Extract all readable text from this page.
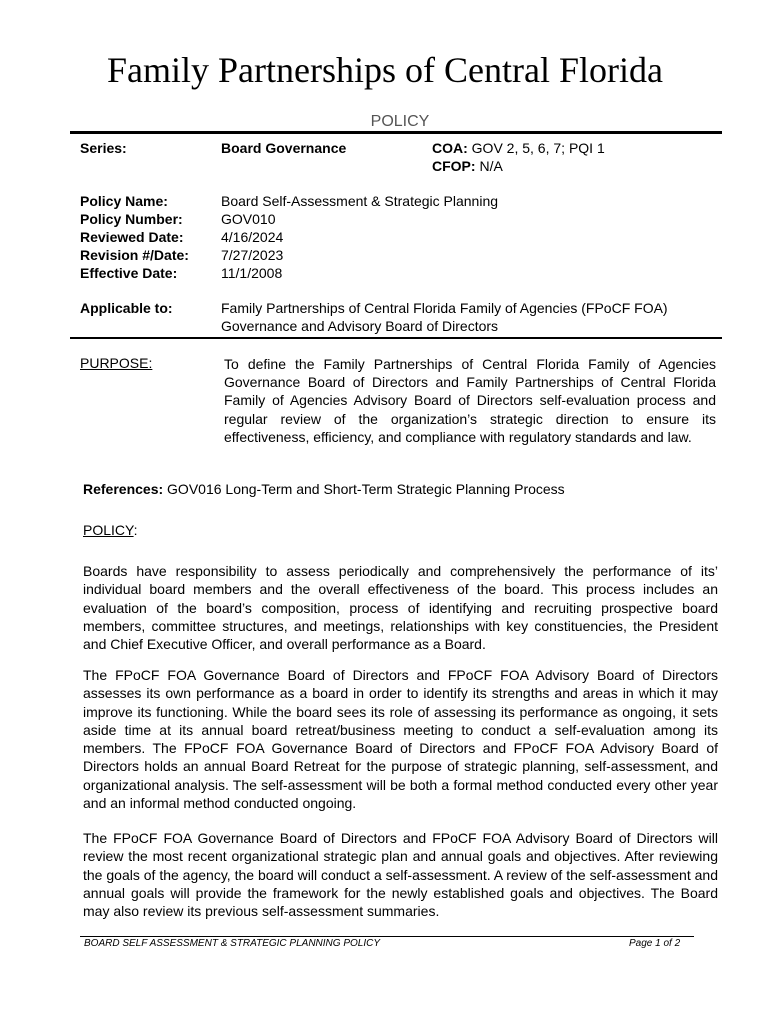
Family Partnerships of Central Florida
POLICY
Series:	Board Governance	COA: GOV 2, 5, 6, 7; PQI 1
CFOP: N/A
Policy Name:	Board Self-Assessment & Strategic Planning
Policy Number:	GOV010
Reviewed Date:	4/16/2024
Revision #/Date: 7/27/2023
Effective Date:	11/1/2008
Applicable to:	Family Partnerships of Central Florida Family of Agencies (FPoCF FOA)
Governance and Advisory Board of Directors
PURPOSE:	To define the Family Partnerships of Central Florida Family of Agencies Governance Board of Directors and Family Partnerships of Central Florida Family of Agencies Advisory Board of Directors self-evaluation process and regular review of the organization’s strategic direction to ensure its effectiveness, efficiency, and compliance with regulatory standards and law.
References: GOV016 Long-Term and Short-Term Strategic Planning Process
POLICY:
Boards have responsibility to assess periodically and comprehensively the performance of its’ individual board members and the overall effectiveness of the board. This process includes an evaluation of the board’s composition, process of identifying and recruiting prospective board members, committee structures, and meetings, relationships with key constituencies, the President and Chief Executive Officer, and overall performance as a Board.
The FPoCF FOA Governance Board of Directors and FPoCF FOA Advisory Board of Directors assesses its own performance as a board in order to identify its strengths and areas in which it may improve its functioning. While the board sees its role of assessing its performance as ongoing, it sets aside time at its annual board retreat/business meeting to conduct a self-evaluation among its members. The FPoCF FOA Governance Board of Directors and FPoCF FOA Advisory Board of Directors holds an annual Board Retreat for the purpose of strategic planning, self-assessment, and organizational analysis. The self-assessment will be both a formal method conducted every other year and an informal method conducted ongoing.
The FPoCF FOA Governance Board of Directors and FPoCF FOA Advisory Board of Directors will review the most recent organizational strategic plan and annual goals and objectives. After reviewing the goals of the agency, the board will conduct a self-assessment. A review of the self-assessment and annual goals will provide the framework for the newly established goals and objectives. The Board may also review its previous self-assessment summaries.
BOARD SELF ASSESSMENT & STRATEGIC PLANNING POLICY	Page 1 of 2
